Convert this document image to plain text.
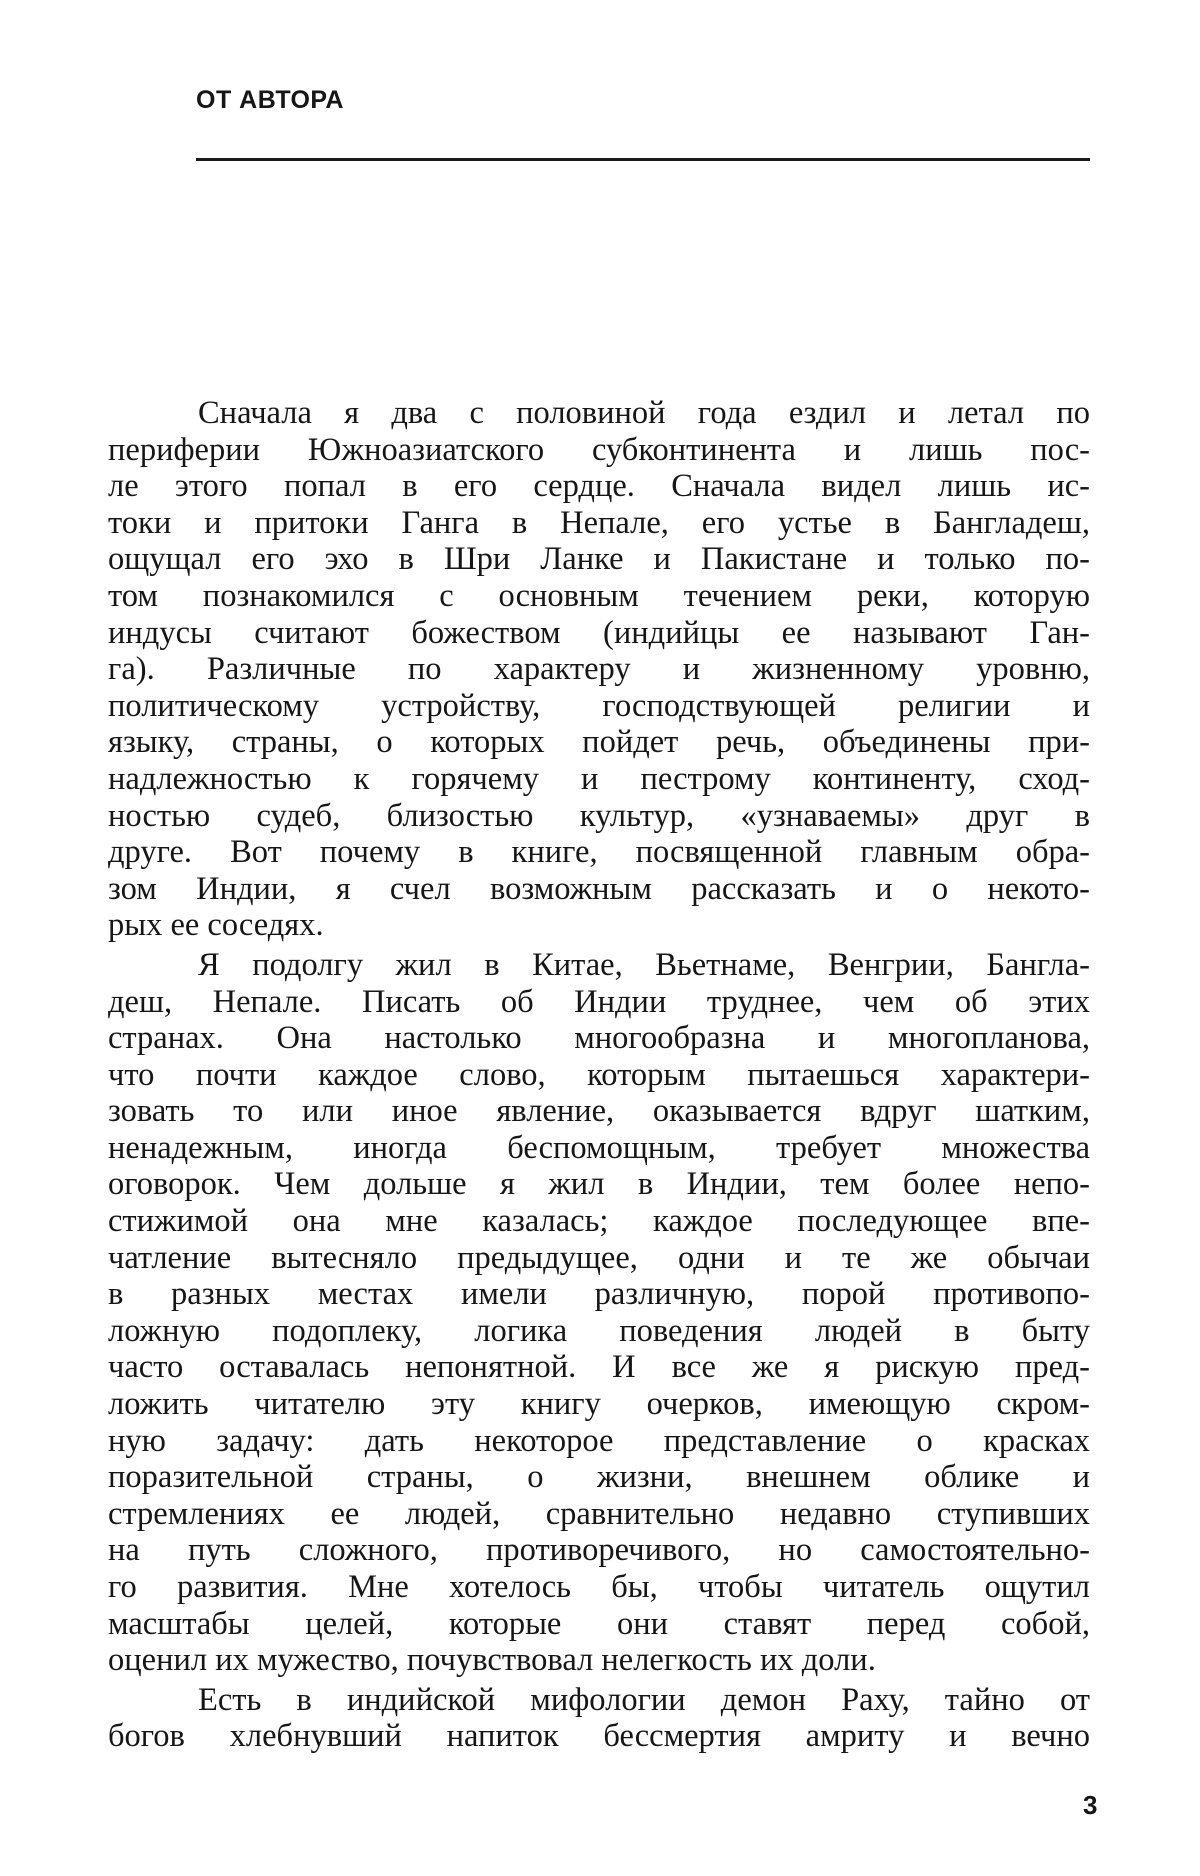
ОТ АВТОРА
Сначала я два с половиной года ездил и летал по
периферии Южноазиатского субконтинента и лишь пос-
ле этого попал в его сердце. Сначала видел лишь ис-
токи и притоки Ганга в Непале, его устье в Бангладеш,
ощущал его эхо в Шри Ланке и Пакистане и только по-
том познакомился с основным течением реки, которую
индусы считают божеством (индийцы ее называют Ган-
га). Различные по характеру и жизненному уровню,
политическому устройству, господствующей религии и
языку, страны, о которых пойдет речь, объединены при-
надлежностью к горячему и пестрому континенту, сход-
ностью судеб, близостью культур, «узнаваемы» друг в
друге. Вот почему в книге, посвященной главным обра-
зом Индии, я счел возможным рассказать и о некото-
рых ее соседях.
Я подолгу жил в Китае, Вьетнаме, Венгрии, Бангла-
деш, Непале. Писать об Индии труднее, чем об этих
странах. Она настолько многообразна и многопланова,
что почти каждое слово, которым пытаешься характери-
зовать то или иное явление, оказывается вдруг шатким,
ненадежным, иногда беспомощным, требует множества
оговорок. Чем дольше я жил в Индии, тем более непо-
стижимой она мне казалась; каждое последующее впе-
чатление вытесняло предыдущее, одни и те же обычаи
в разных местах имели различную, порой противопо-
ложную подоплеку, логика поведения людей в быту
часто оставалась непонятной. И все же я рискую пред-
ложить читателю эту книгу очерков, имеющую скром-
ную задачу: дать некоторое представление о красках
поразительной страны, о жизни, внешнем облике и
стремлениях ее людей, сравнительно недавно ступивших
на путь сложного, противоречивого, но самостоятельно-
го развития. Мне хотелось бы, чтобы читатель ощутил
масштабы целей, которые они ставят перед собой,
оценил их мужество, почувствовал нелегкость их доли.
Есть в индийской мифологии демон Раху, тайно от
богов хлебнувший напиток бессмертия амриту и вечно
3
